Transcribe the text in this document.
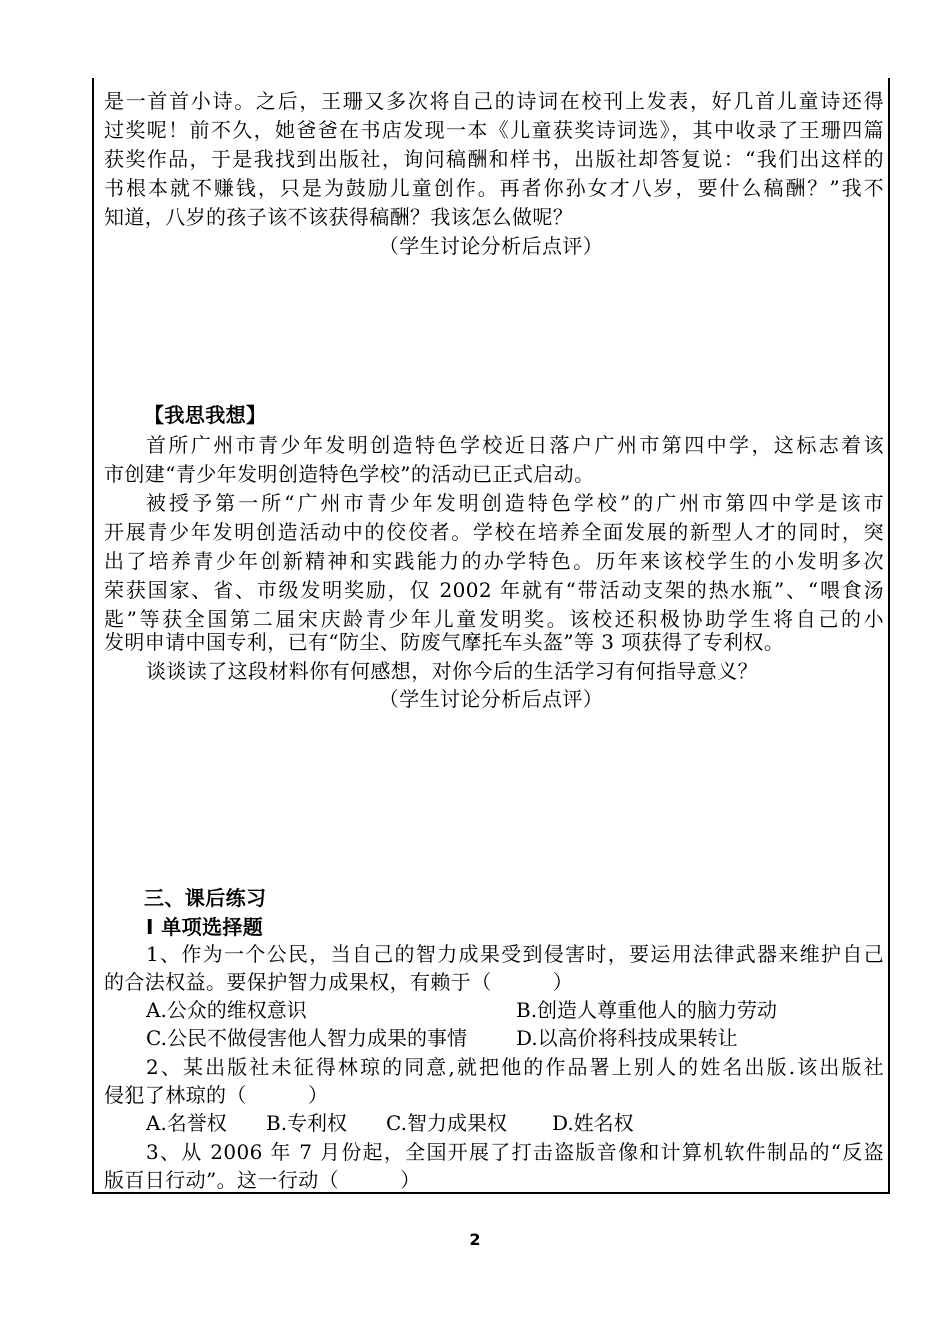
是一首首小诗。之后，王珊又多次将自己的诗词在校刊上发表，好几首儿童诗还得
过奖呢！前不久，她爸爸在书店发现一本《儿童获奖诗词选》，其中收录了王珊四篇
获奖作品，于是我找到出版社，询问稿酬和样书，出版社却答复说：“我们出这样的
书根本就不赚钱，只是为鼓励儿童创作。再者你孙女才八岁，要什么稿酬？”我不
知道，八岁的孩子该不该获得稿酬？我该怎么做呢？
（学生讨论分析后点评）
【我思我想】
首所广州市青少年发明创造特色学校近日落户广州市第四中学，这标志着该
市创建“青少年发明创造特色学校”的活动已正式启动。
被授予第一所“广州市青少年发明创造特色学校”的广州市第四中学是该市
开展青少年发明创造活动中的佼佼者。学校在培养全面发展的新型人才的同时，突
出了培养青少年创新精神和实践能力的办学特色。历年来该校学生的小发明多次
荣获国家、省、市级发明奖励，仅 2002 年就有“带活动支架的热水瓶”、“喂食汤
匙”等获全国第二届宋庆龄青少年儿童发明奖。该校还积极协助学生将自己的小
发明申请中国专利，已有“防尘、防废气摩托车头盔”等 3 项获得了专利权。
谈谈读了这段材料你有何感想，对你今后的生活学习有何指导意义？
（学生讨论分析后点评）
三、课后练习
Ⅰ 单项选择题
1、作为一个公民，当自己的智力成果受到侵害时，要运用法律武器来维护自己
的合法权益。要保护智力成果权，有赖于（　　　）
A.公众的维权意识	B.创造人尊重他人的脑力劳动
C.公民不做侵害他人智力成果的事情 D.以高价将科技成果转让
2、某出版社未征得林琼的同意,就把他的作品署上别人的姓名出版.该出版社
侵犯了林琼的（　　　）
A.名誉权 B.专利权 C.智力成果权 D.姓名权
3、从 2006 年 7 月份起，全国开展了打击盗版音像和计算机软件制品的“反盗
版百日行动”。这一行动（　　　）
2
